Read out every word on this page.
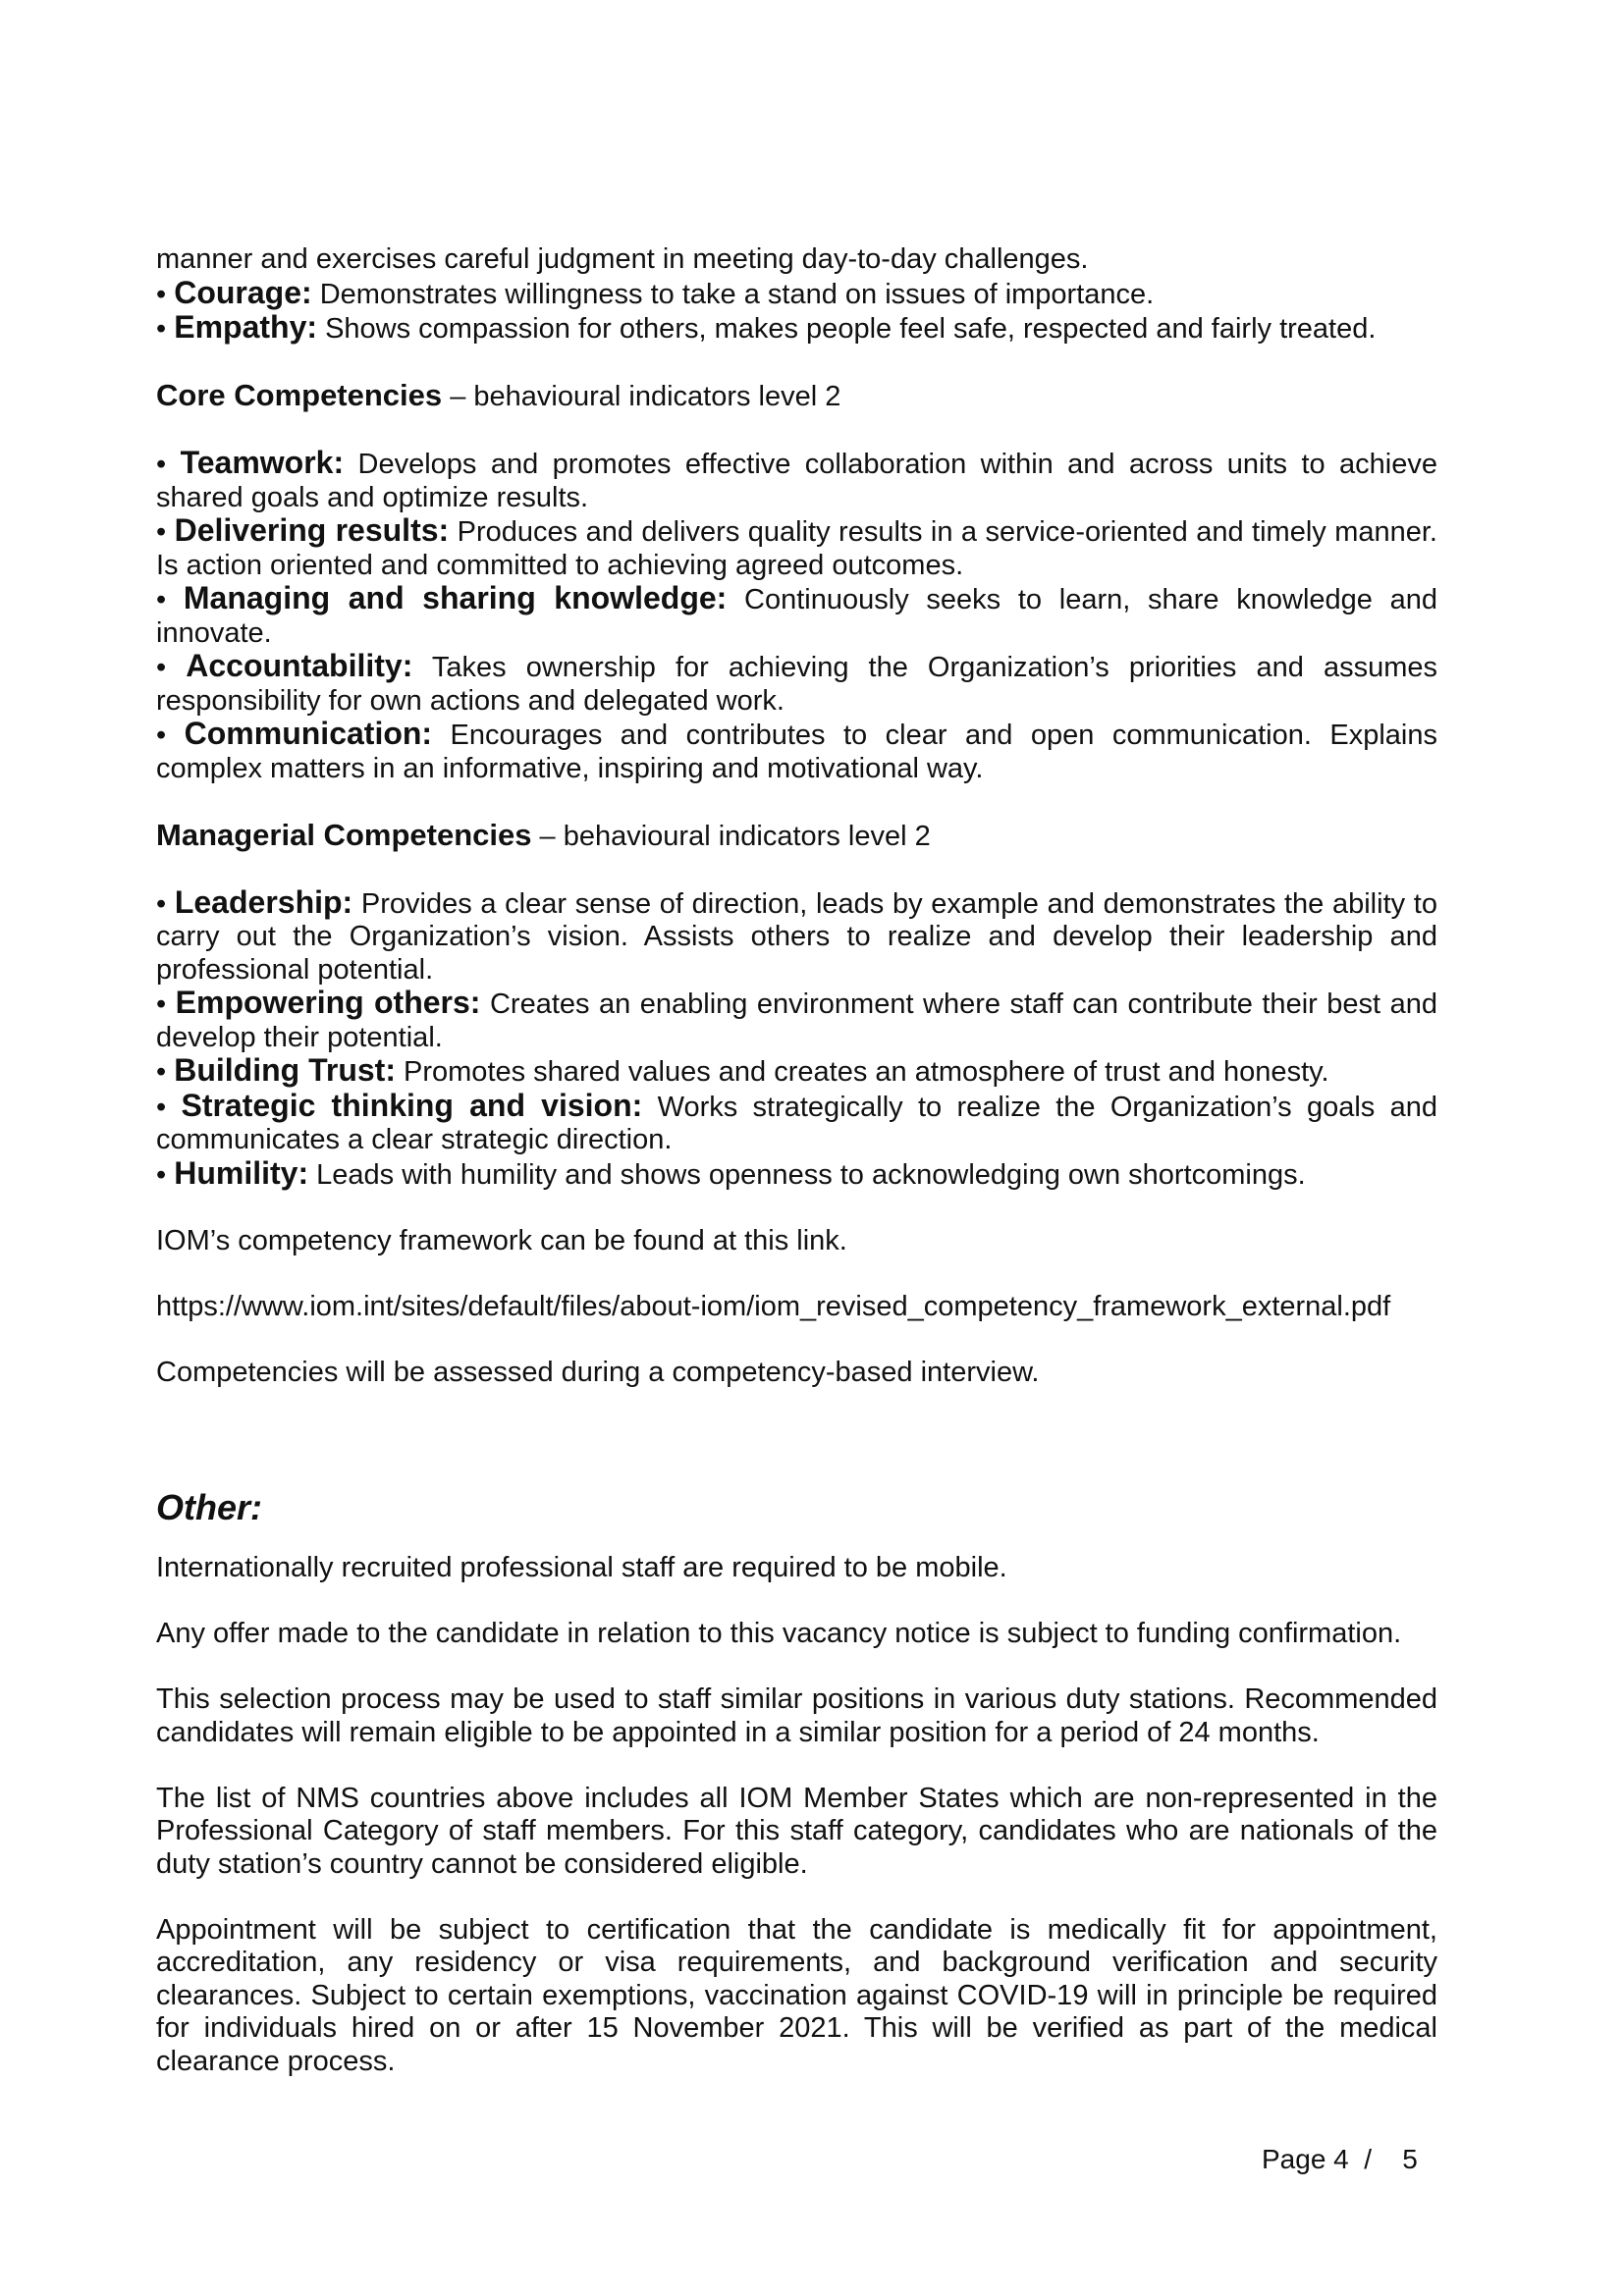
manner and exercises careful judgment in meeting day-to-day challenges.

• Courage: Demonstrates willingness to take a stand on issues of importance.

• Empathy: Shows compassion for others, makes people feel safe, respected and fairly treated.

Core Competencies – behavioural indicators level 2

• Teamwork: Develops and promotes effective collaboration within and across units to achieve shared goals and optimize results.

• Delivering results: Produces and delivers quality results in a service-oriented and timely manner. Is action oriented and committed to achieving agreed outcomes.

• Managing and sharing knowledge: Continuously seeks to learn, share knowledge and innovate.

• Accountability: Takes ownership for achieving the Organization’s priorities and assumes responsibility for own actions and delegated work.

• Communication: Encourages and contributes to clear and open communication. Explains complex matters in an informative, inspiring and motivational way.

Managerial Competencies – behavioural indicators level 2

• Leadership: Provides a clear sense of direction, leads by example and demonstrates the ability to carry out the Organization’s vision. Assists others to realize and develop their leadership and professional potential.

• Empowering others: Creates an enabling environment where staff can contribute their best and develop their potential.

• Building Trust: Promotes shared values and creates an atmosphere of trust and honesty.

• Strategic thinking and vision: Works strategically to realize the Organization’s goals and communicates a clear strategic direction.

• Humility: Leads with humility and shows openness to acknowledging own shortcomings.

IOM’s competency framework can be found at this link.

https://www.iom.int/sites/default/files/about-iom/iom_revised_competency_framework_external.pdf

Competencies will be assessed during a competency-based interview.

Other:

Internationally recruited professional staff are required to be mobile.

Any offer made to the candidate in relation to this vacancy notice is subject to funding confirmation.

This selection process may be used to staff similar positions in various duty stations. Recommended candidates will remain eligible to be appointed in a similar position for a period of 24 months.

The list of NMS countries above includes all IOM Member States which are non-represented in the Professional Category of staff members. For this staff category, candidates who are nationals of the duty station’s country cannot be considered eligible.

Appointment will be subject to certification that the candidate is medically fit for appointment, accreditation, any residency or visa requirements, and background verification and security clearances. Subject to certain exemptions, vaccination against COVID-19 will in principle be required for individuals hired on or after 15 November 2021. This will be verified as part of the medical clearance process.

Page 4  /    5
